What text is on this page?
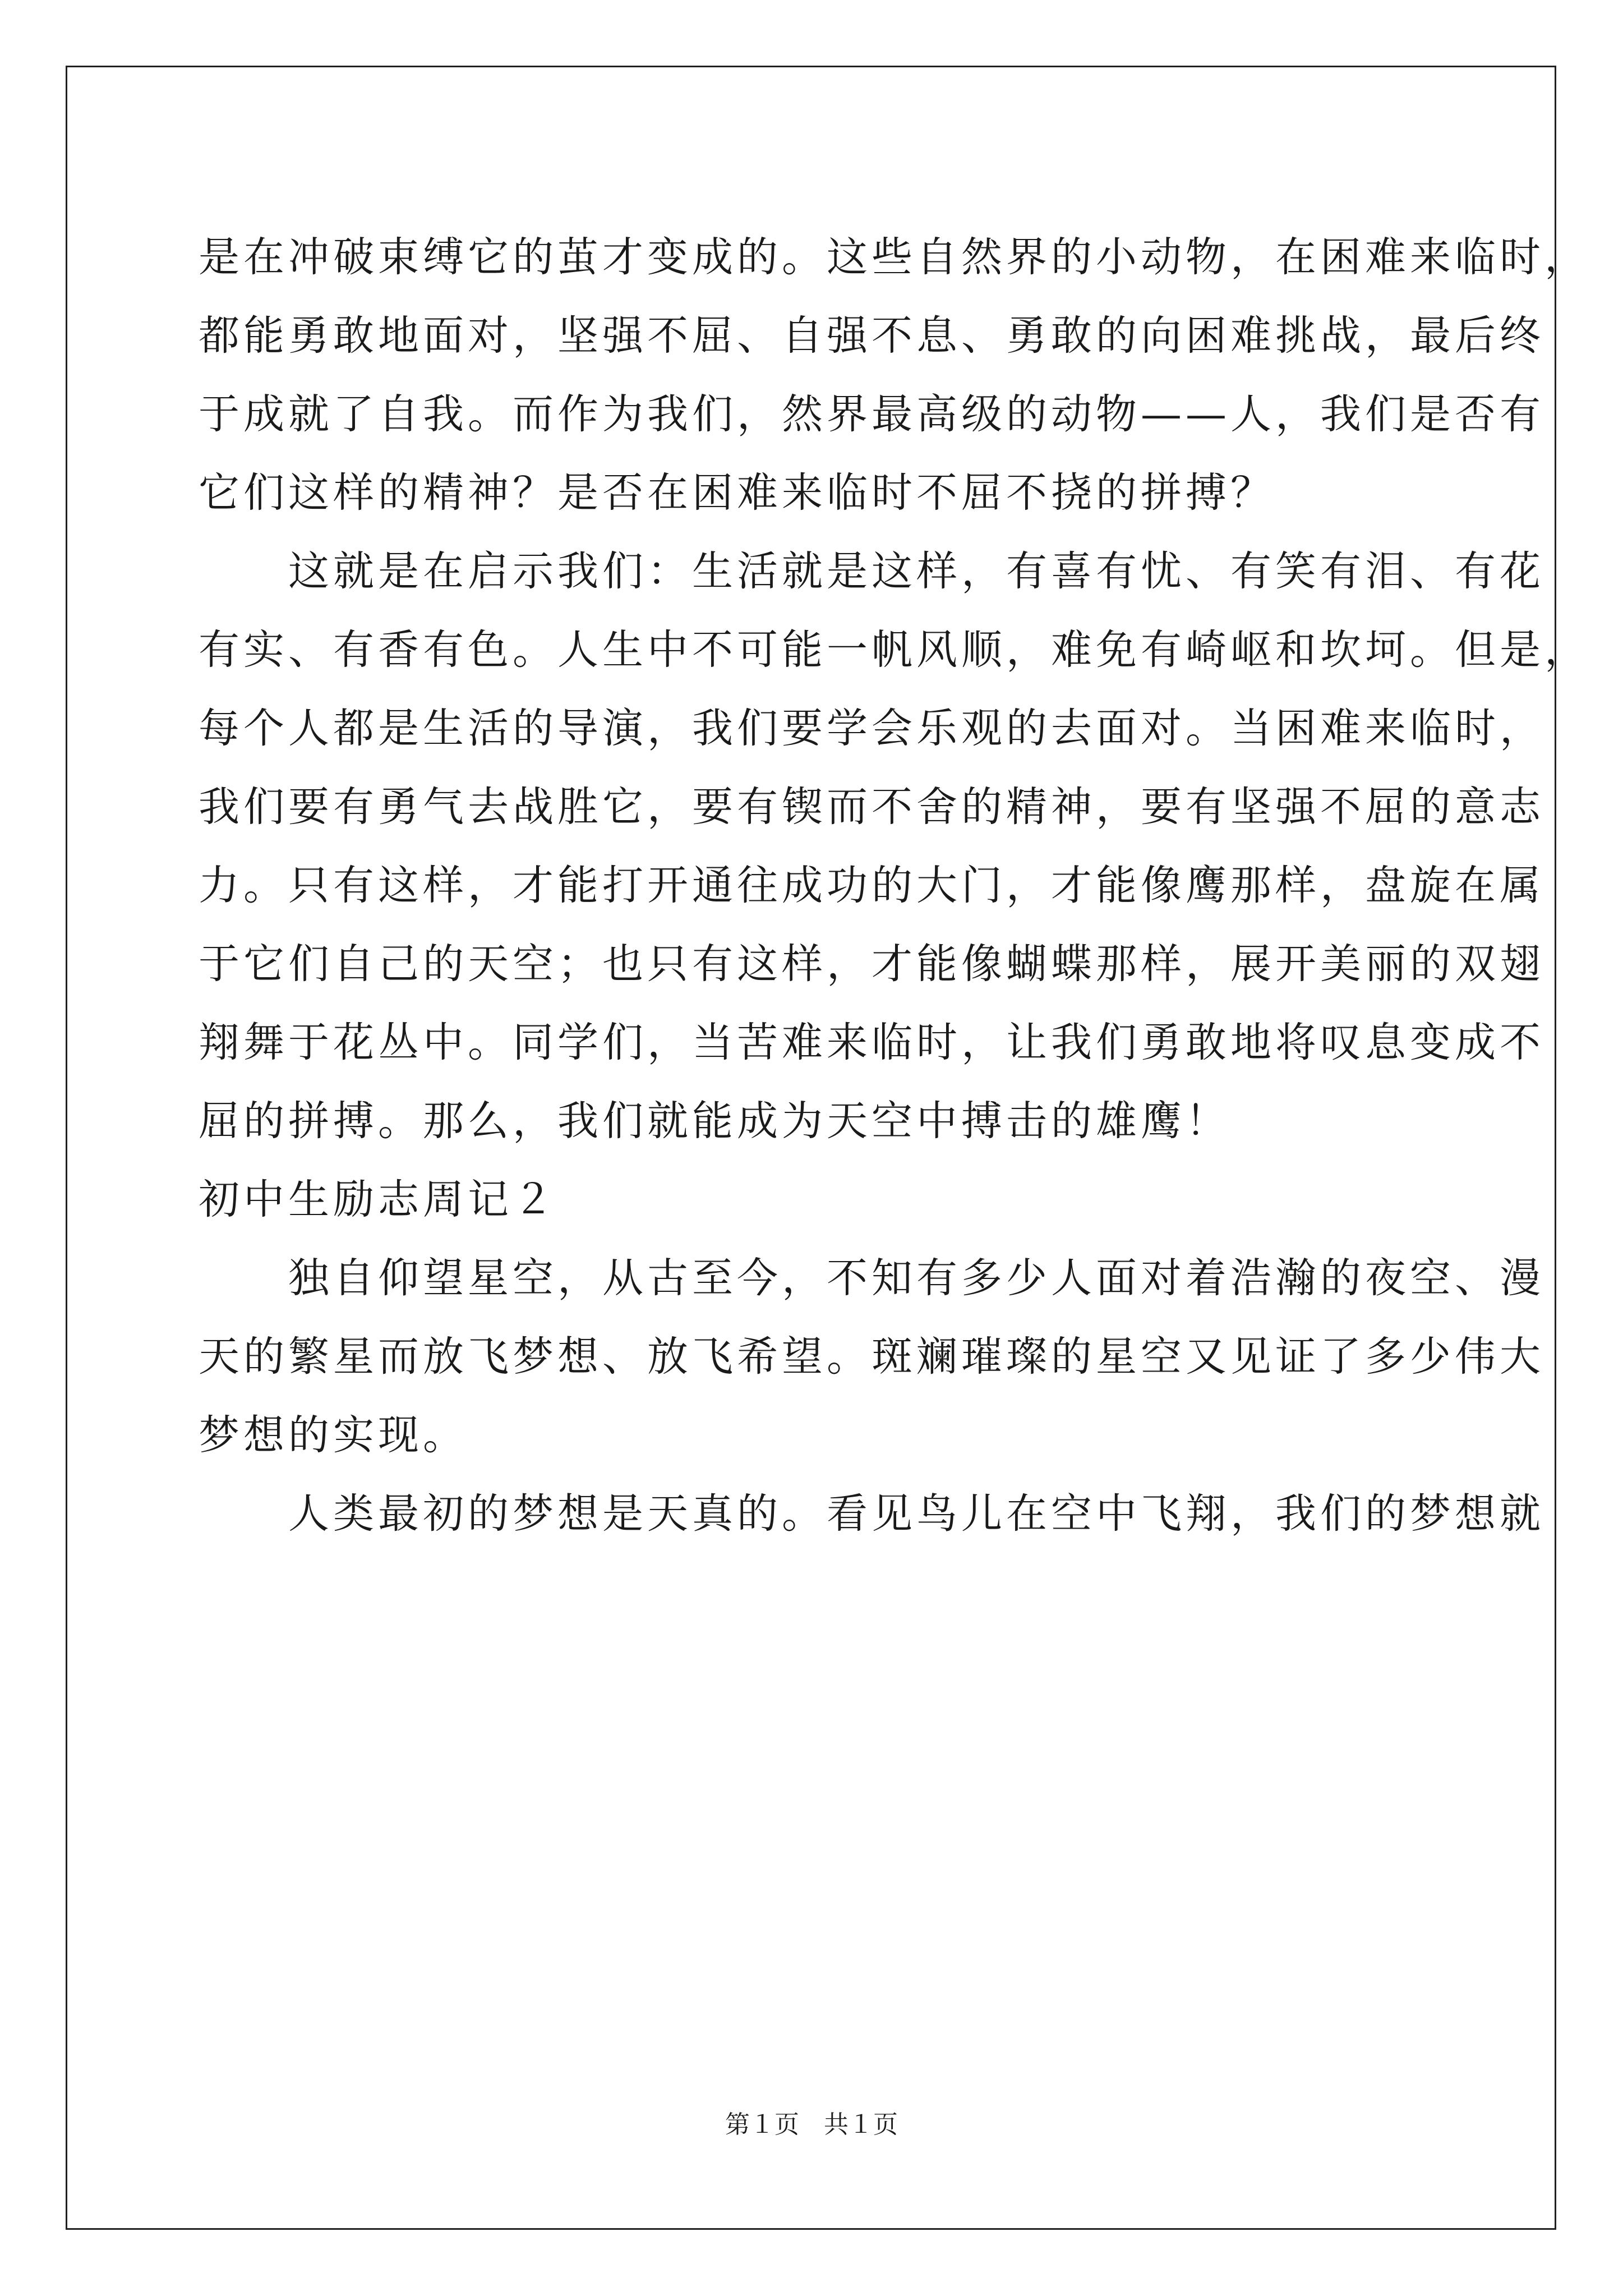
是在冲破束缚它的茧才变成的。这些自然界的小动物，在困难来临时，
都能勇敢地面对，坚强不屈、自强不息、勇敢的向困难挑战，最后终
于成就了自我。而作为我们，然界最高级的动物——人，我们是否有
它们这样的精神？是否在困难来临时不屈不挠的拼搏？
　　这就是在启示我们：生活就是这样，有喜有忧、有笑有泪、有花
有实、有香有色。人生中不可能一帆风顺，难免有崎岖和坎坷。但是，
每个人都是生活的导演，我们要学会乐观的去面对。当困难来临时，
我们要有勇气去战胜它，要有锲而不舍的精神，要有坚强不屈的意志
力。只有这样，才能打开通往成功的大门，才能像鹰那样，盘旋在属
于它们自己的天空；也只有这样，才能像蝴蝶那样，展开美丽的双翅
翔舞于花丛中。同学们，当苦难来临时，让我们勇敢地将叹息变成不
屈的拼搏。那么，我们就能成为天空中搏击的雄鹰！
初中生励志周记２
　　独自仰望星空，从古至今，不知有多少人面对着浩瀚的夜空、漫
天的繁星而放飞梦想、放飞希望。斑斓璀璨的星空又见证了多少伟大
梦想的实现。
　　人类最初的梦想是天真的。看见鸟儿在空中飞翔，我们的梦想就
第１页　共１页
